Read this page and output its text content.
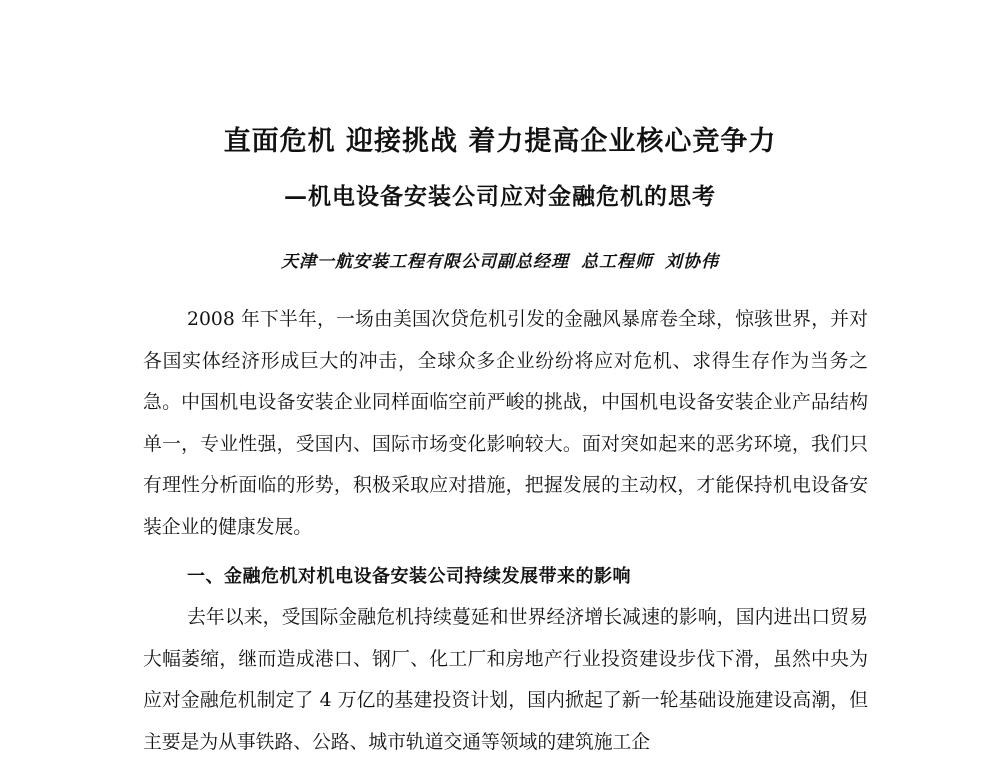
直面危机 迎接挑战 着力提高企业核心竞争力
—机电设备安装公司应对金融危机的思考
天津一航安装工程有限公司副总经理 总工程师 刘协伟

2008 年下半年，一场由美国次贷危机引发的金融风暴席卷全球，惊骇世界，并对各国实体经济形成巨大的冲击，全球众多企业纷纷将应对危机、求得生存作为当务之急。中国机电设备安装企业同样面临空前严峻的挑战，中国机电设备安装企业产品结构单一，专业性强，受国内、国际市场变化影响较大。面对突如起来的恶劣环境，我们只有理性分析面临的形势，积极采取应对措施，把握发展的主动权，才能保持机电设备安装企业的健康发展。

一、金融危机对机电设备安装公司持续发展带来的影响

去年以来，受国际金融危机持续蔓延和世界经济增长减速的影响，国内进出口贸易大幅萎缩，继而造成港口、钢厂、化工厂和房地产行业投资建设步伐下滑，虽然中央为应对金融危机制定了 4 万亿的基建投资计划，国内掀起了新一轮基础设施建设高潮，但主要是为从事铁路、公路、城市轨道交通等领域的建筑施工企
